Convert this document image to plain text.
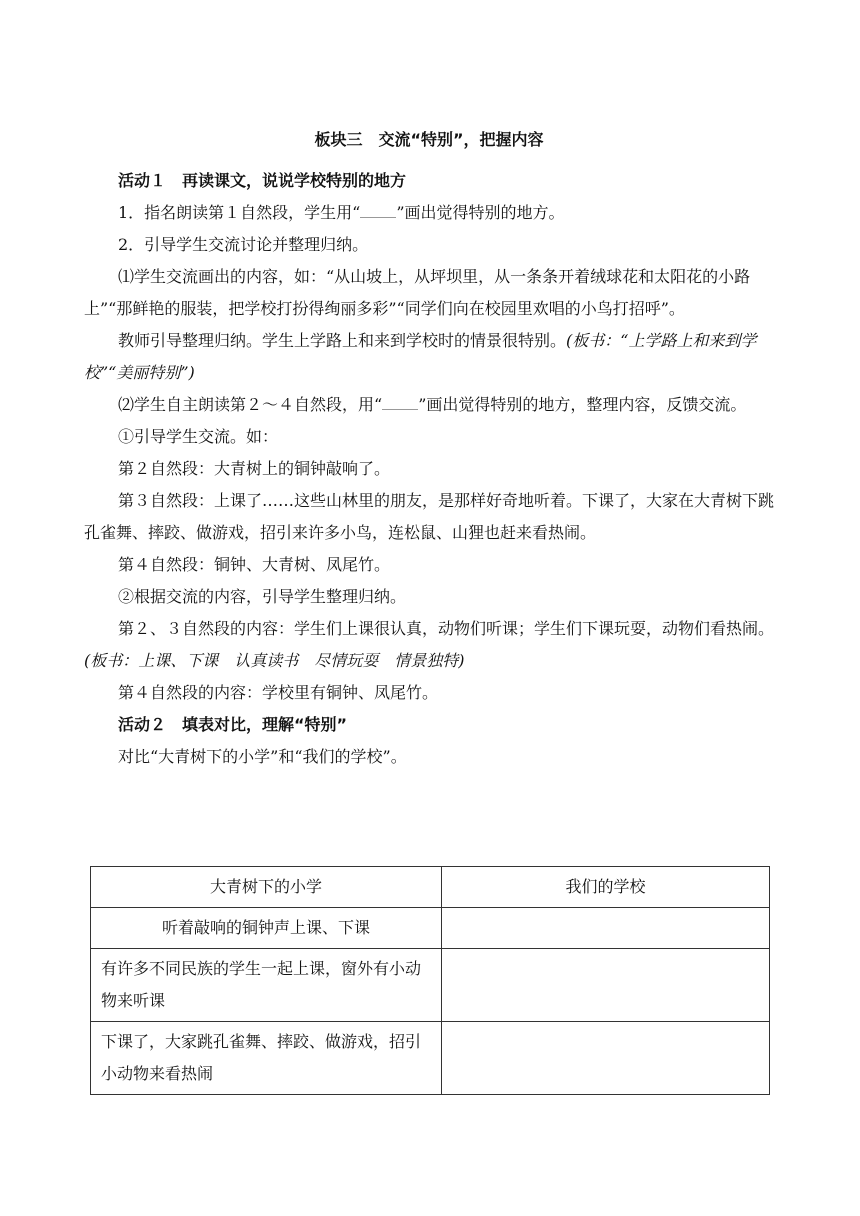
板块三　交流“特别”，把握内容

活动１　再读课文，说说学校特别的地方

1．指名朗读第１自然段，学生用“ ”画出觉得特别的地方。

2．引导学生交流讨论并整理归纳。

⑴学生交流画出的内容，如：“从山坡上，从坪坝里，从一条条开着绒球花和太阳花的小路上”“那鲜艳的服装，把学校打扮得绚丽多彩”“同学们向在校园里欢唱的小鸟打招呼”。

教师引导整理归纳。学生上学路上和来到学校时的情景很特别。(板书：“上学路上和来到学校”“美丽特别”)

⑵学生自主朗读第２～４自然段，用“ ”画出觉得特别的地方，整理内容，反馈交流。

①引导学生交流。如：

第２自然段：大青树上的铜钟敲响了。

第３自然段：上课了……这些山林里的朋友，是那样好奇地听着。下课了，大家在大青树下跳孔雀舞、摔跤、做游戏，招引来许多小鸟，连松鼠、山狸也赶来看热闹。

第４自然段：铜钟、大青树、凤尾竹。

②根据交流的内容，引导学生整理归纳。

第２、３自然段的内容：学生们上课很认真，动物们听课；学生们下课玩耍，动物们看热闹。(板书：上课、下课　认真读书　尽情玩耍　情景独特)

第４自然段的内容：学校里有铜钟、凤尾竹。

活动２　填表对比，理解“特别”

对比“大青树下的小学”和“我们的学校”。

大青树下的小学	我们的学校
听着敲响的铜钟声上课、下课	
有许多不同民族的学生一起上课，窗外有小动物来听课	
下课了，大家跳孔雀舞、摔跤、做游戏，招引小动物来看热闹	
